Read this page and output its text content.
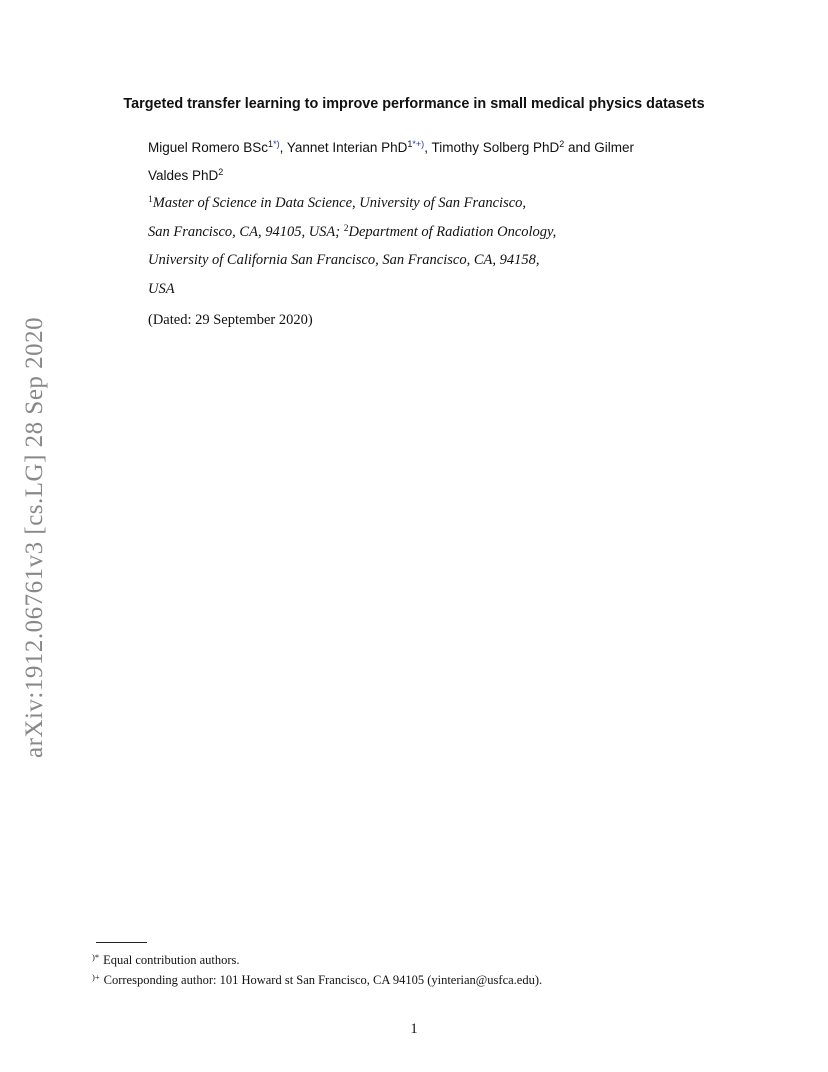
arXiv:1912.06761v3 [cs.LG] 28 Sep 2020
Targeted transfer learning to improve performance in small medical physics datasets
Miguel Romero BSc$^{1*)}$, Yannet Interian PhD$^{1*+)}$, Timothy Solberg PhD$^2$ and Gilmer
Valdes PhD$^2$
$^1$Master of Science in Data Science, University of San Francisco,
San Francisco, CA, 94105, USA; $^2$Department of Radiation Oncology,
University of California San Francisco, San Francisco, CA, 94158,
USA
(Dated: 29 September 2020)
)* Equal contribution authors.
)+ Corresponding author: 101 Howard st San Francisco, CA 94105 (yinterian@usfca.edu).
1
